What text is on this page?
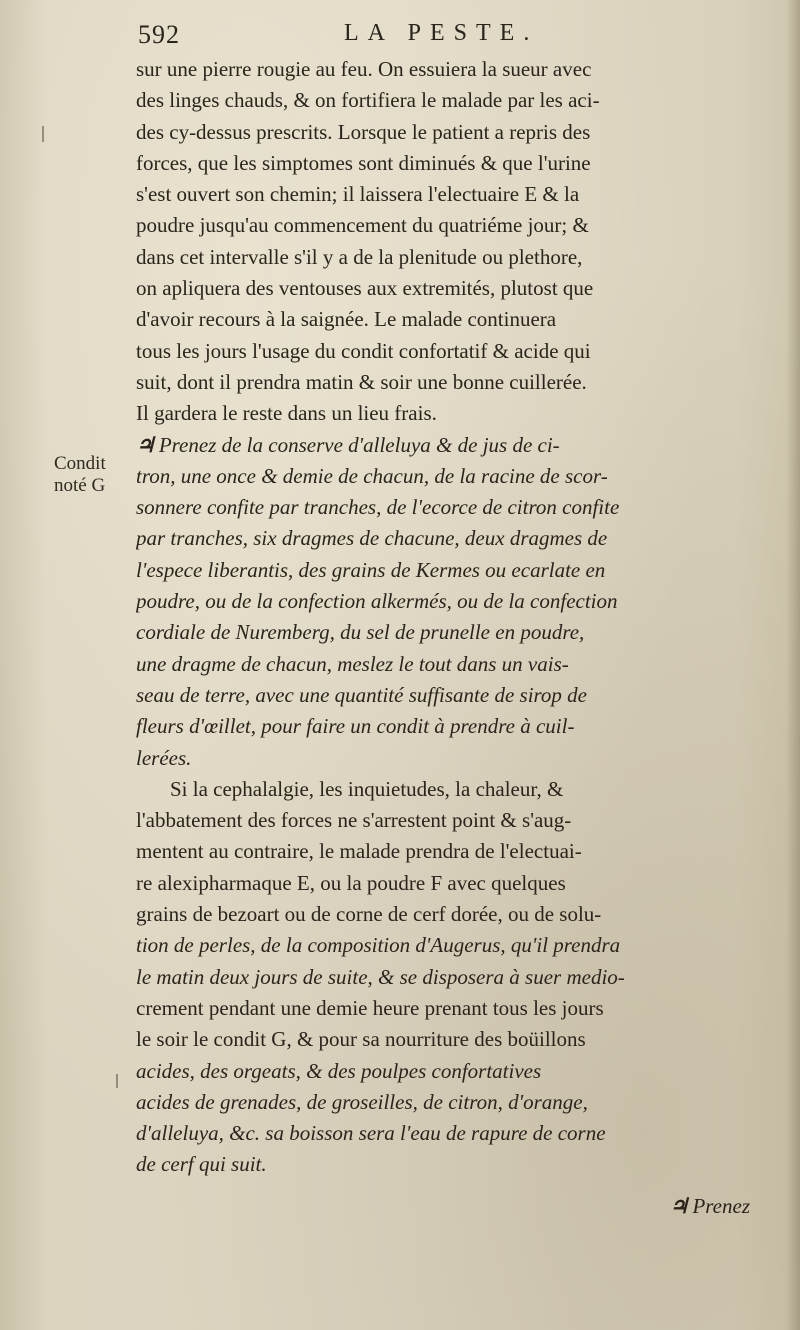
592	LA PESTE.
Condit
noté G
sur une pierre rougie au feu. On essuiera la sueur avec
des linges chauds, & on fortifiera le malade par les aci-
des cy-dessus prescrits. Lorsque le patient a repris des
forces, que les simptomes sont diminués & que l'urine
s'est ouvert son chemin; il laissera l'electuaire E & la
poudre jusqu'au commencement du quatriéme jour; &
dans cet intervalle s'il y a de la plenitude ou plethore,
on apliquera des ventouses aux extremités, plutost que
d'avoir recours à la saignée. Le malade continuera
tous les jours l'usage du condit confortatif & acide qui
suit, dont il prendra matin & soir une bonne cuillerée.
Il gardera le reste dans un lieu frais.
♃ Prenez de la conserve d'alleluya & de jus de ci-
tron, une once & demie de chacun, de la racine de scor-
sonnere confite par tranches, de l'ecorce de citron confite
par tranches, six dragmes de chacune, deux dragmes de
l'espece liberantis, des grains de Kermes ou ecarlate en
poudre, ou de la confection alkermés, ou de la confection
cordiale de Nuremberg, du sel de prunelle en poudre,
une dragme de chacun, meslez le tout dans un vais-
seau de terre, avec une quantité suffisante de sirop de
fleurs d'œillet, pour faire un condit à prendre à cuil-
lerées.
Si la cephalalgie, les inquietudes, la chaleur, &
l'abbatement des forces ne s'arrestent point & s'aug-
mentent au contraire, le malade prendra de l'electuai-
re alexipharmaque E, ou la poudre F avec quelques
grains de bezoart ou de corne de cerf dorée, ou de solu-
tion de perles, de la composition d'Augerus, qu'il prendra
le matin deux jours de suite, & se disposera à suer medio-
crement pendant une demie heure prenant tous les jours
le soir le condit G, & pour sa nourriture des boüillons
acides, des orgeats, & des poulpes confortatives
acides de grenades, de groseilles, de citron, d'orange,
d'alleluya, &c. sa boisson sera l'eau de rapure de corne
de cerf qui suit.
♃ Prenez
